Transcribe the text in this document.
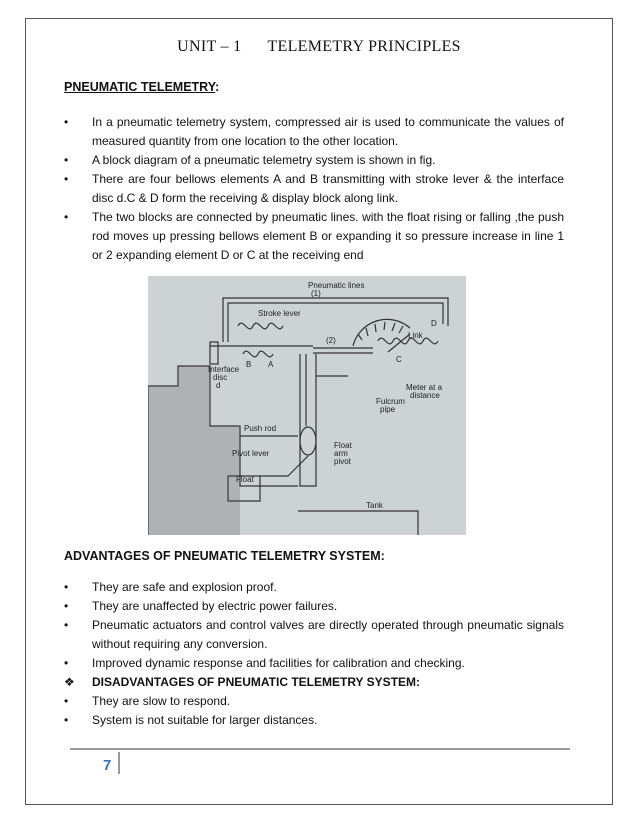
UNIT – 1 TELEMETRY PRINCIPLES
PNEUMATIC TELEMETRY:
•	In a pneumatic telemetry system, compressed air is used to communicate the values of measured quantity from one location to the other location.
•	A block diagram of a pneumatic telemetry system is shown in fig.
•	There are four bellows elements A and B transmitting with stroke lever & the interface disc d.C & D form the receiving & display block along link.
•	The two blocks are connected by pneumatic lines. with the float rising or falling ,the push rod moves up pressing bellows element B or expanding it so pressure increase in line 1 or 2 expanding element D or C at the receiving end
Pneumatic lines
(1)
(2)
Stroke lever
Interface
disc
d
B A
C
D
Link
Meter at a
distance
Fulcrum
pipe
Push rod
Float
arm
pivot
Pivot lever
Float
Tank
ADVANTAGES OF PNEUMATIC TELEMETRY SYSTEM:
•	They are safe and explosion proof.
•	They are unaffected by electric power failures.
•	Pneumatic actuators and control valves are directly operated through pneumatic signals without requiring any conversion.
•	Improved dynamic response and facilities for calibration and checking.
❖ DISADVANTAGES OF PNEUMATIC TELEMETRY SYSTEM:
•	They are slow to respond.
•	System is not suitable for larger distances.
7
